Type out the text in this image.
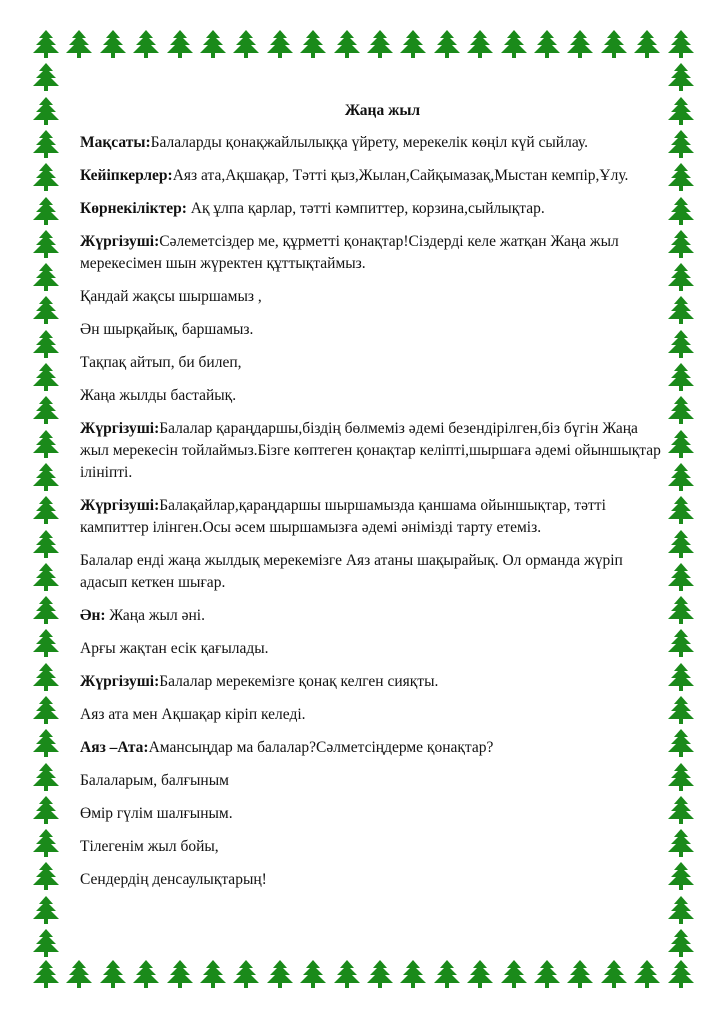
Жаңа жыл

Мақсаты:Балаларды қонақжайлылыққа үйрету, мерекелік көңіл күй сыйлау.

Кейіпкерлер:Аяз ата,Ақшақар, Тәтті қыз,Жылан,Сайқымазақ,Мыстан кемпір,Ұлу.

Көрнекіліктер: Ақ ұлпа қарлар, тәтті кәмпиттер, корзина,сыйлықтар.

Жүргізуші:Сәлеметсіздер ме, құрметті қонақтар!Сіздерді келе жатқан Жаңа жыл мерекесімен шын жүректен құттықтаймыз.

Қандай жақсы шыршамыз ,

Ән шырқайық, баршамыз.

Тақпақ айтып, би билеп,

Жаңа жылды бастайық.

Жүргізуші:Балалар қараңдаршы,біздің бөлмеміз әдемі безендірілген,біз бүгін Жаңа жыл мерекесін тойлаймыз.Бізге көптеген қонақтар келіпті,шыршаға әдемі ойыншықтар ілініпті.

Жүргізуші:Балақайлар,қараңдаршы шыршамызда қаншама ойыншықтар, тәтті кампиттер ілінген.Осы әсем шыршамызға әдемі әнімізді тарту етеміз.

Балалар енді жаңа жылдық мерекемізге Аяз атаны шақырайық. Ол орманда жүріп адасып кеткен шығар.

Ән: Жаңа жыл әні.

Арғы жақтан есік қағылады.

Жүргізуші:Балалар мерекемізге қонақ келген сияқты.

Аяз ата мен Ақшақар кіріп келеді.

Аяз –Ата:Амансыңдар ма балалар?Сәлметсіңдерме қонақтар?

Балаларым, балғыным

Өмір гүлім шалғыным.

Тілегенім жыл бойы,

Сендердің денсаулықтарың!
